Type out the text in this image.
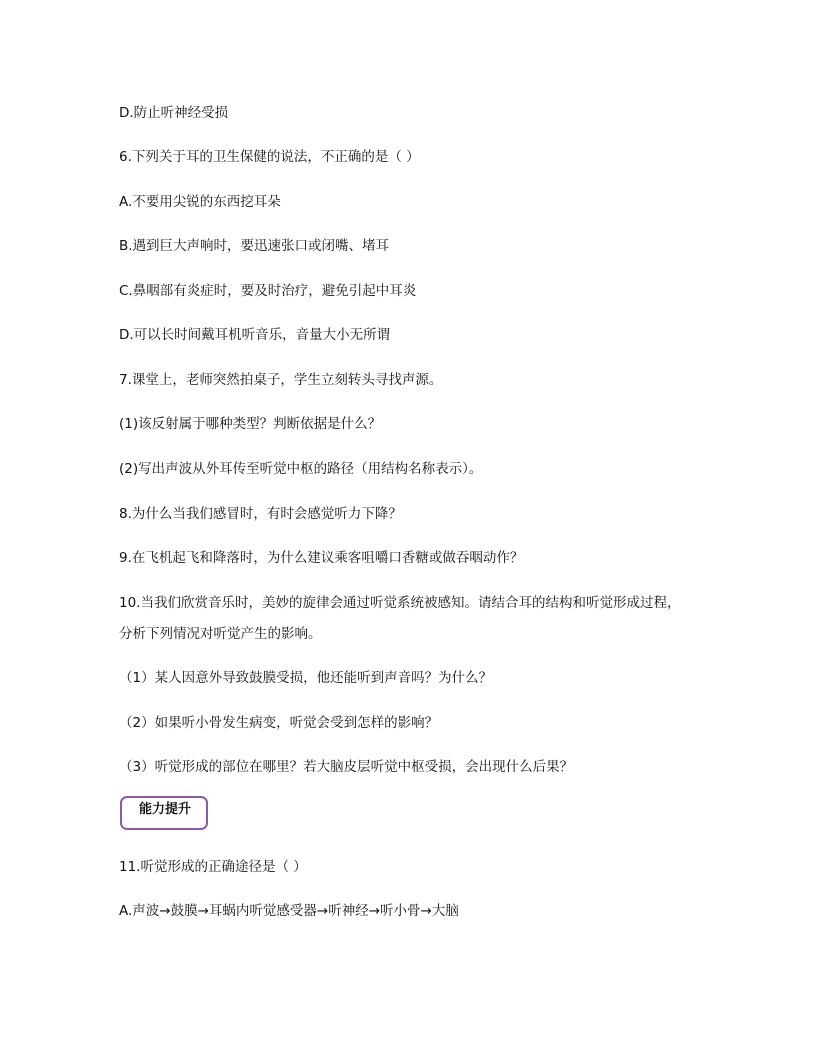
D.防止听神经受损
6.下列关于耳的卫生保健的说法，不正确的是（ ）
A.不要用尖锐的东西挖耳朵
B.遇到巨大声响时，要迅速张口或闭嘴、堵耳
C.鼻咽部有炎症时，要及时治疗，避免引起中耳炎
D.可以长时间戴耳机听音乐，音量大小无所谓
7.课堂上，老师突然拍桌子，学生立刻转头寻找声源。
(1)该反射属于哪种类型？判断依据是什么？
(2)写出声波从外耳传至听觉中枢的路径（用结构名称表示）。
8.为什么当我们感冒时，有时会感觉听力下降？
9.在飞机起飞和降落时，为什么建议乘客咀嚼口香糖或做吞咽动作？
10.当我们欣赏音乐时，美妙的旋律会通过听觉系统被感知。请结合耳的结构和听觉形成过程，
分析下列情况对听觉产生的影响。
（1）某人因意外导致鼓膜受损，他还能听到声音吗？为什么？
（2）如果听小骨发生病变，听觉会受到怎样的影响？
（3）听觉形成的部位在哪里？若大脑皮层听觉中枢受损，会出现什么后果？
能力提升
11.听觉形成的正确途径是（ ）
A.声波→鼓膜→耳蜗内听觉感受器→听神经→听小骨→大脑
